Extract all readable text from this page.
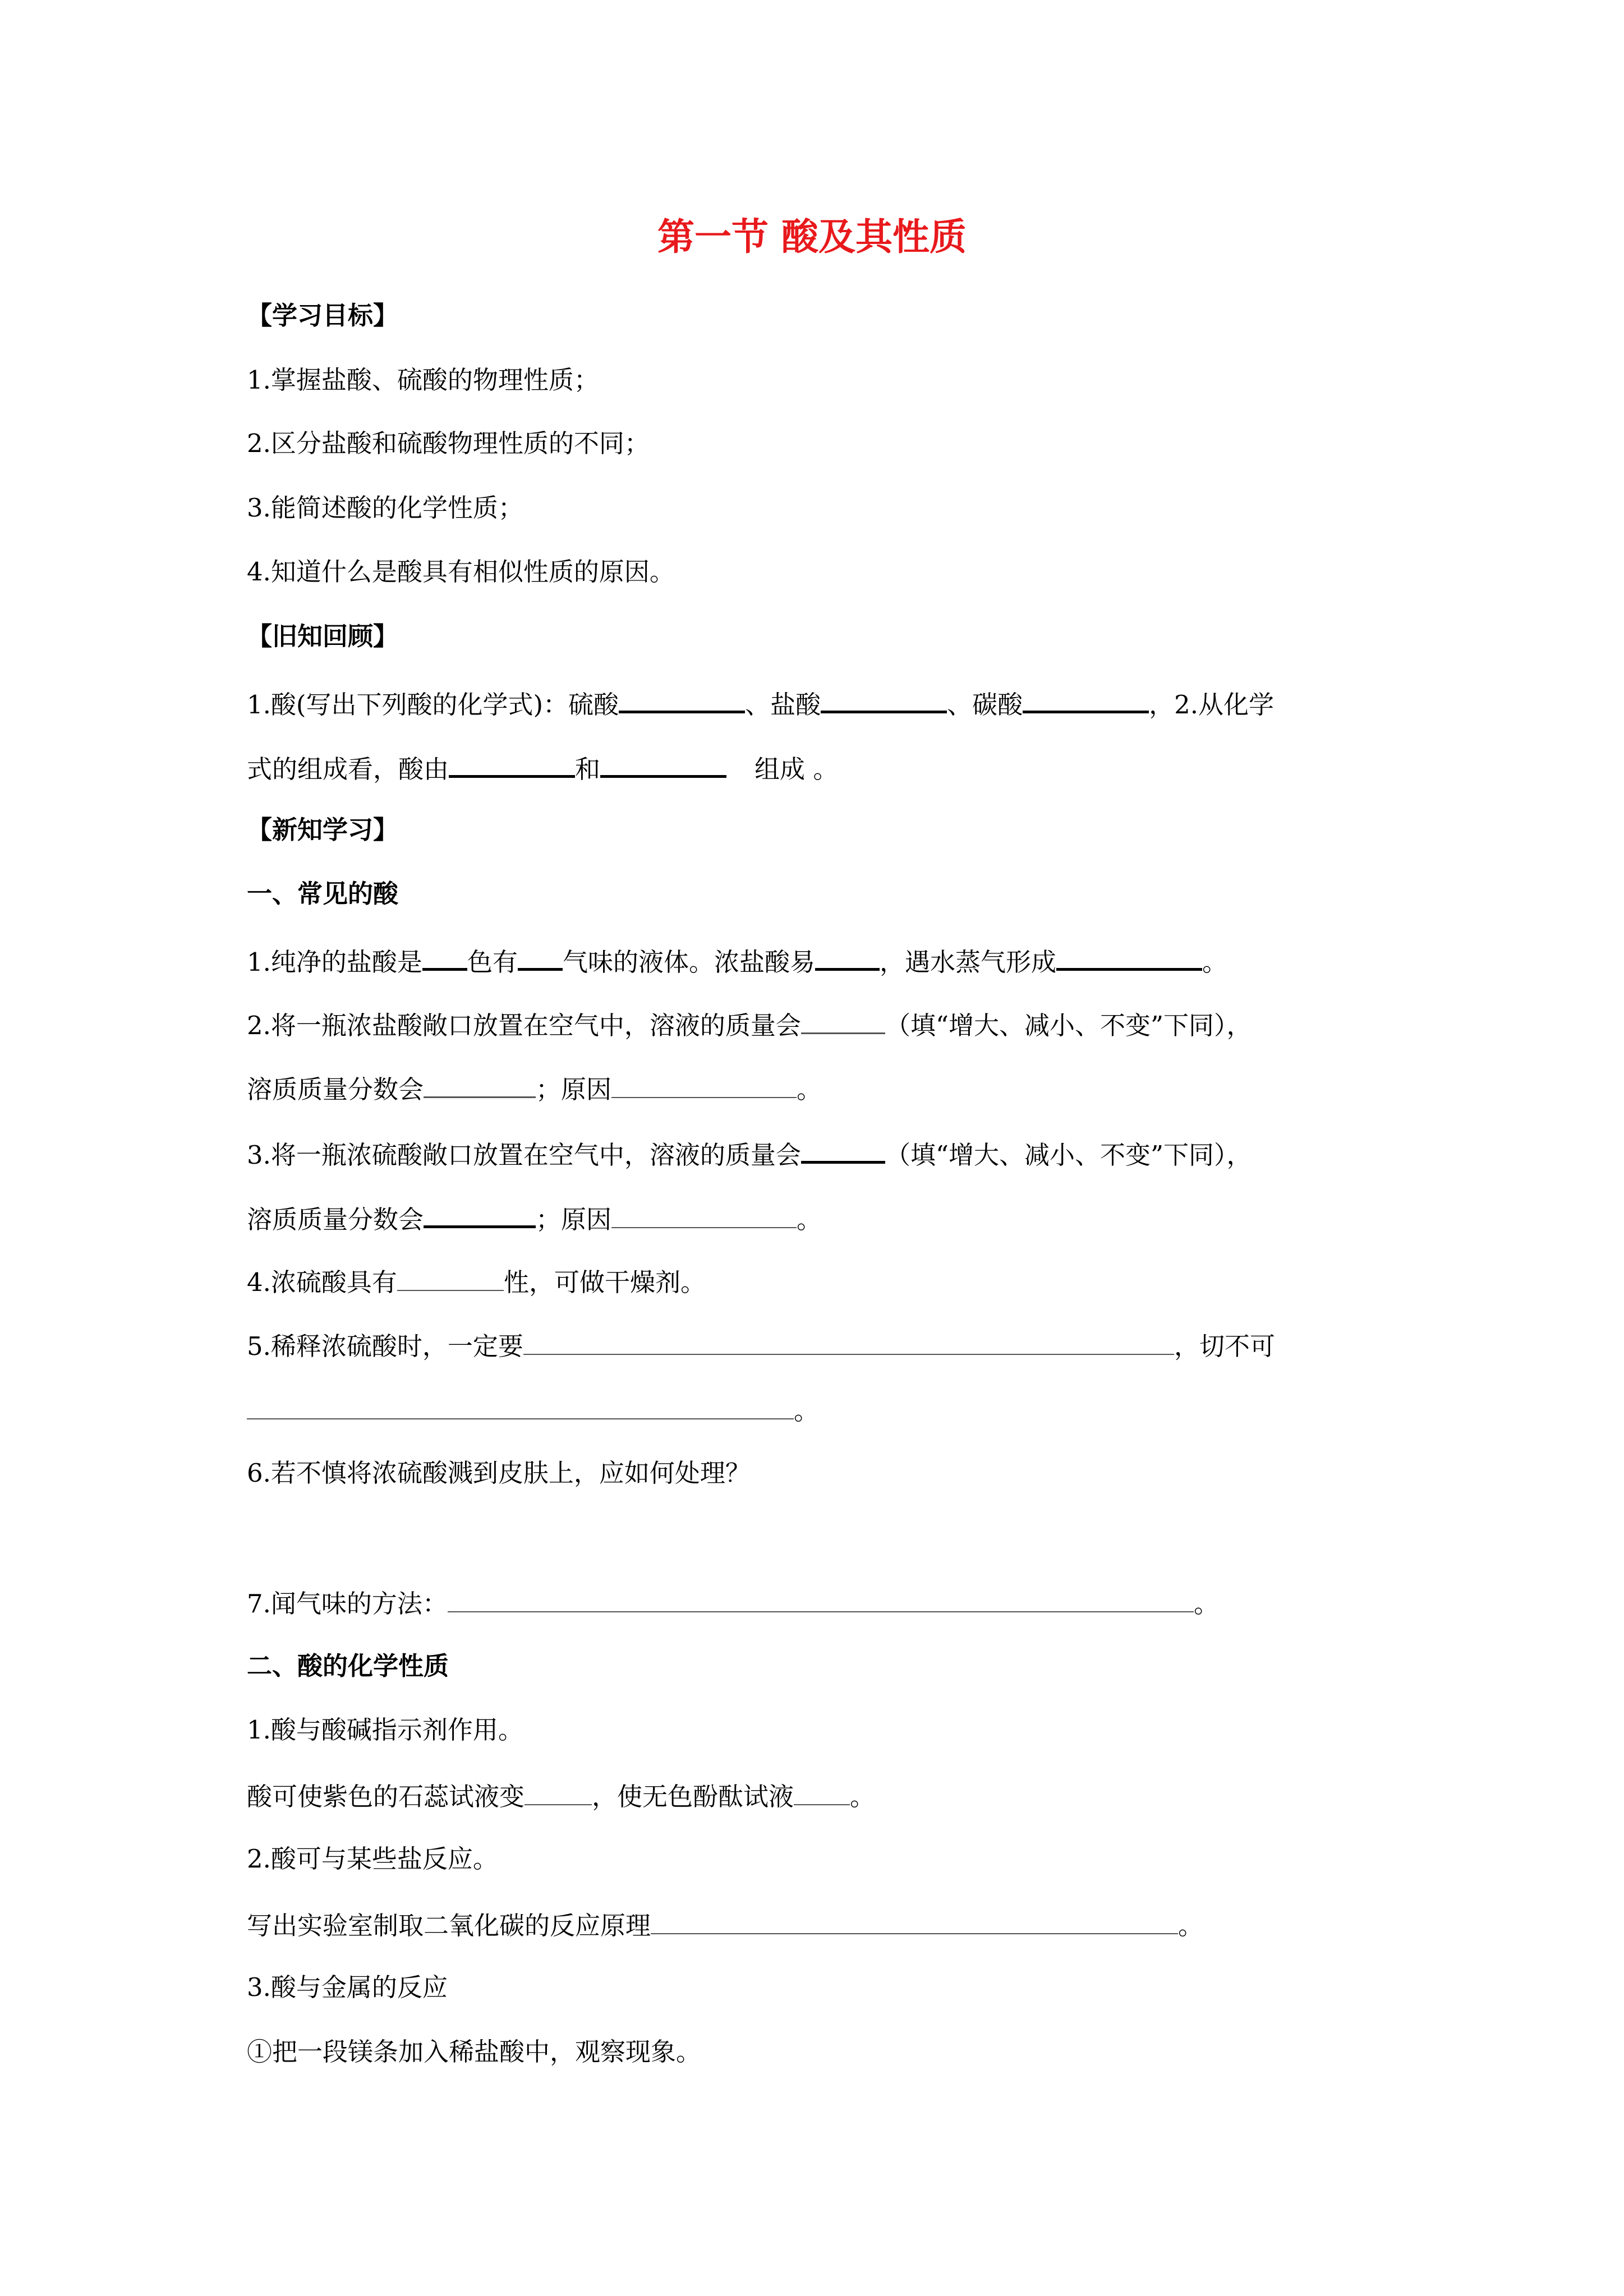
第一节 酸及其性质
【学习目标】
1.掌握盐酸、硫酸的物理性质；
2.区分盐酸和硫酸物理性质的不同；
3.能简述酸的化学性质；
4.知道什么是酸具有相似性质的原因。
【旧知回顾】
1.酸(写出下列酸的化学式)：硫酸	、盐酸	、碳酸	，2.从化学
式的组成看，酸由	和	组成 。
【新知学习】
一、常见的酸
1.纯净的盐酸是 色有 气味的液体。浓盐酸易	，遇水蒸气形成	。
2.将一瓶浓盐酸敞口放置在空气中，溶液的质量会	（填“增大、减小、不变”下同），
溶质质量分数会	；原因	。
3.将一瓶浓硫酸敞口放置在空气中，溶液的质量会	（填“增大、减小、不变”下同），
溶质质量分数会	；原因	。
4.浓硫酸具有	性，可做干燥剂。
5.稀释浓硫酸时，一定要	，切不可
。
6.若不慎将浓硫酸溅到皮肤上，应如何处理？
7.闻气味的方法：	。
二、酸的化学性质
1.酸与酸碱指示剂作用。
酸可使紫色的石蕊试液变	，使无色酚酞试液 。
2.酸可与某些盐反应。
写出实验室制取二氧化碳的反应原理	。
3.酸与金属的反应
①把一段镁条加入稀盐酸中，观察现象。
